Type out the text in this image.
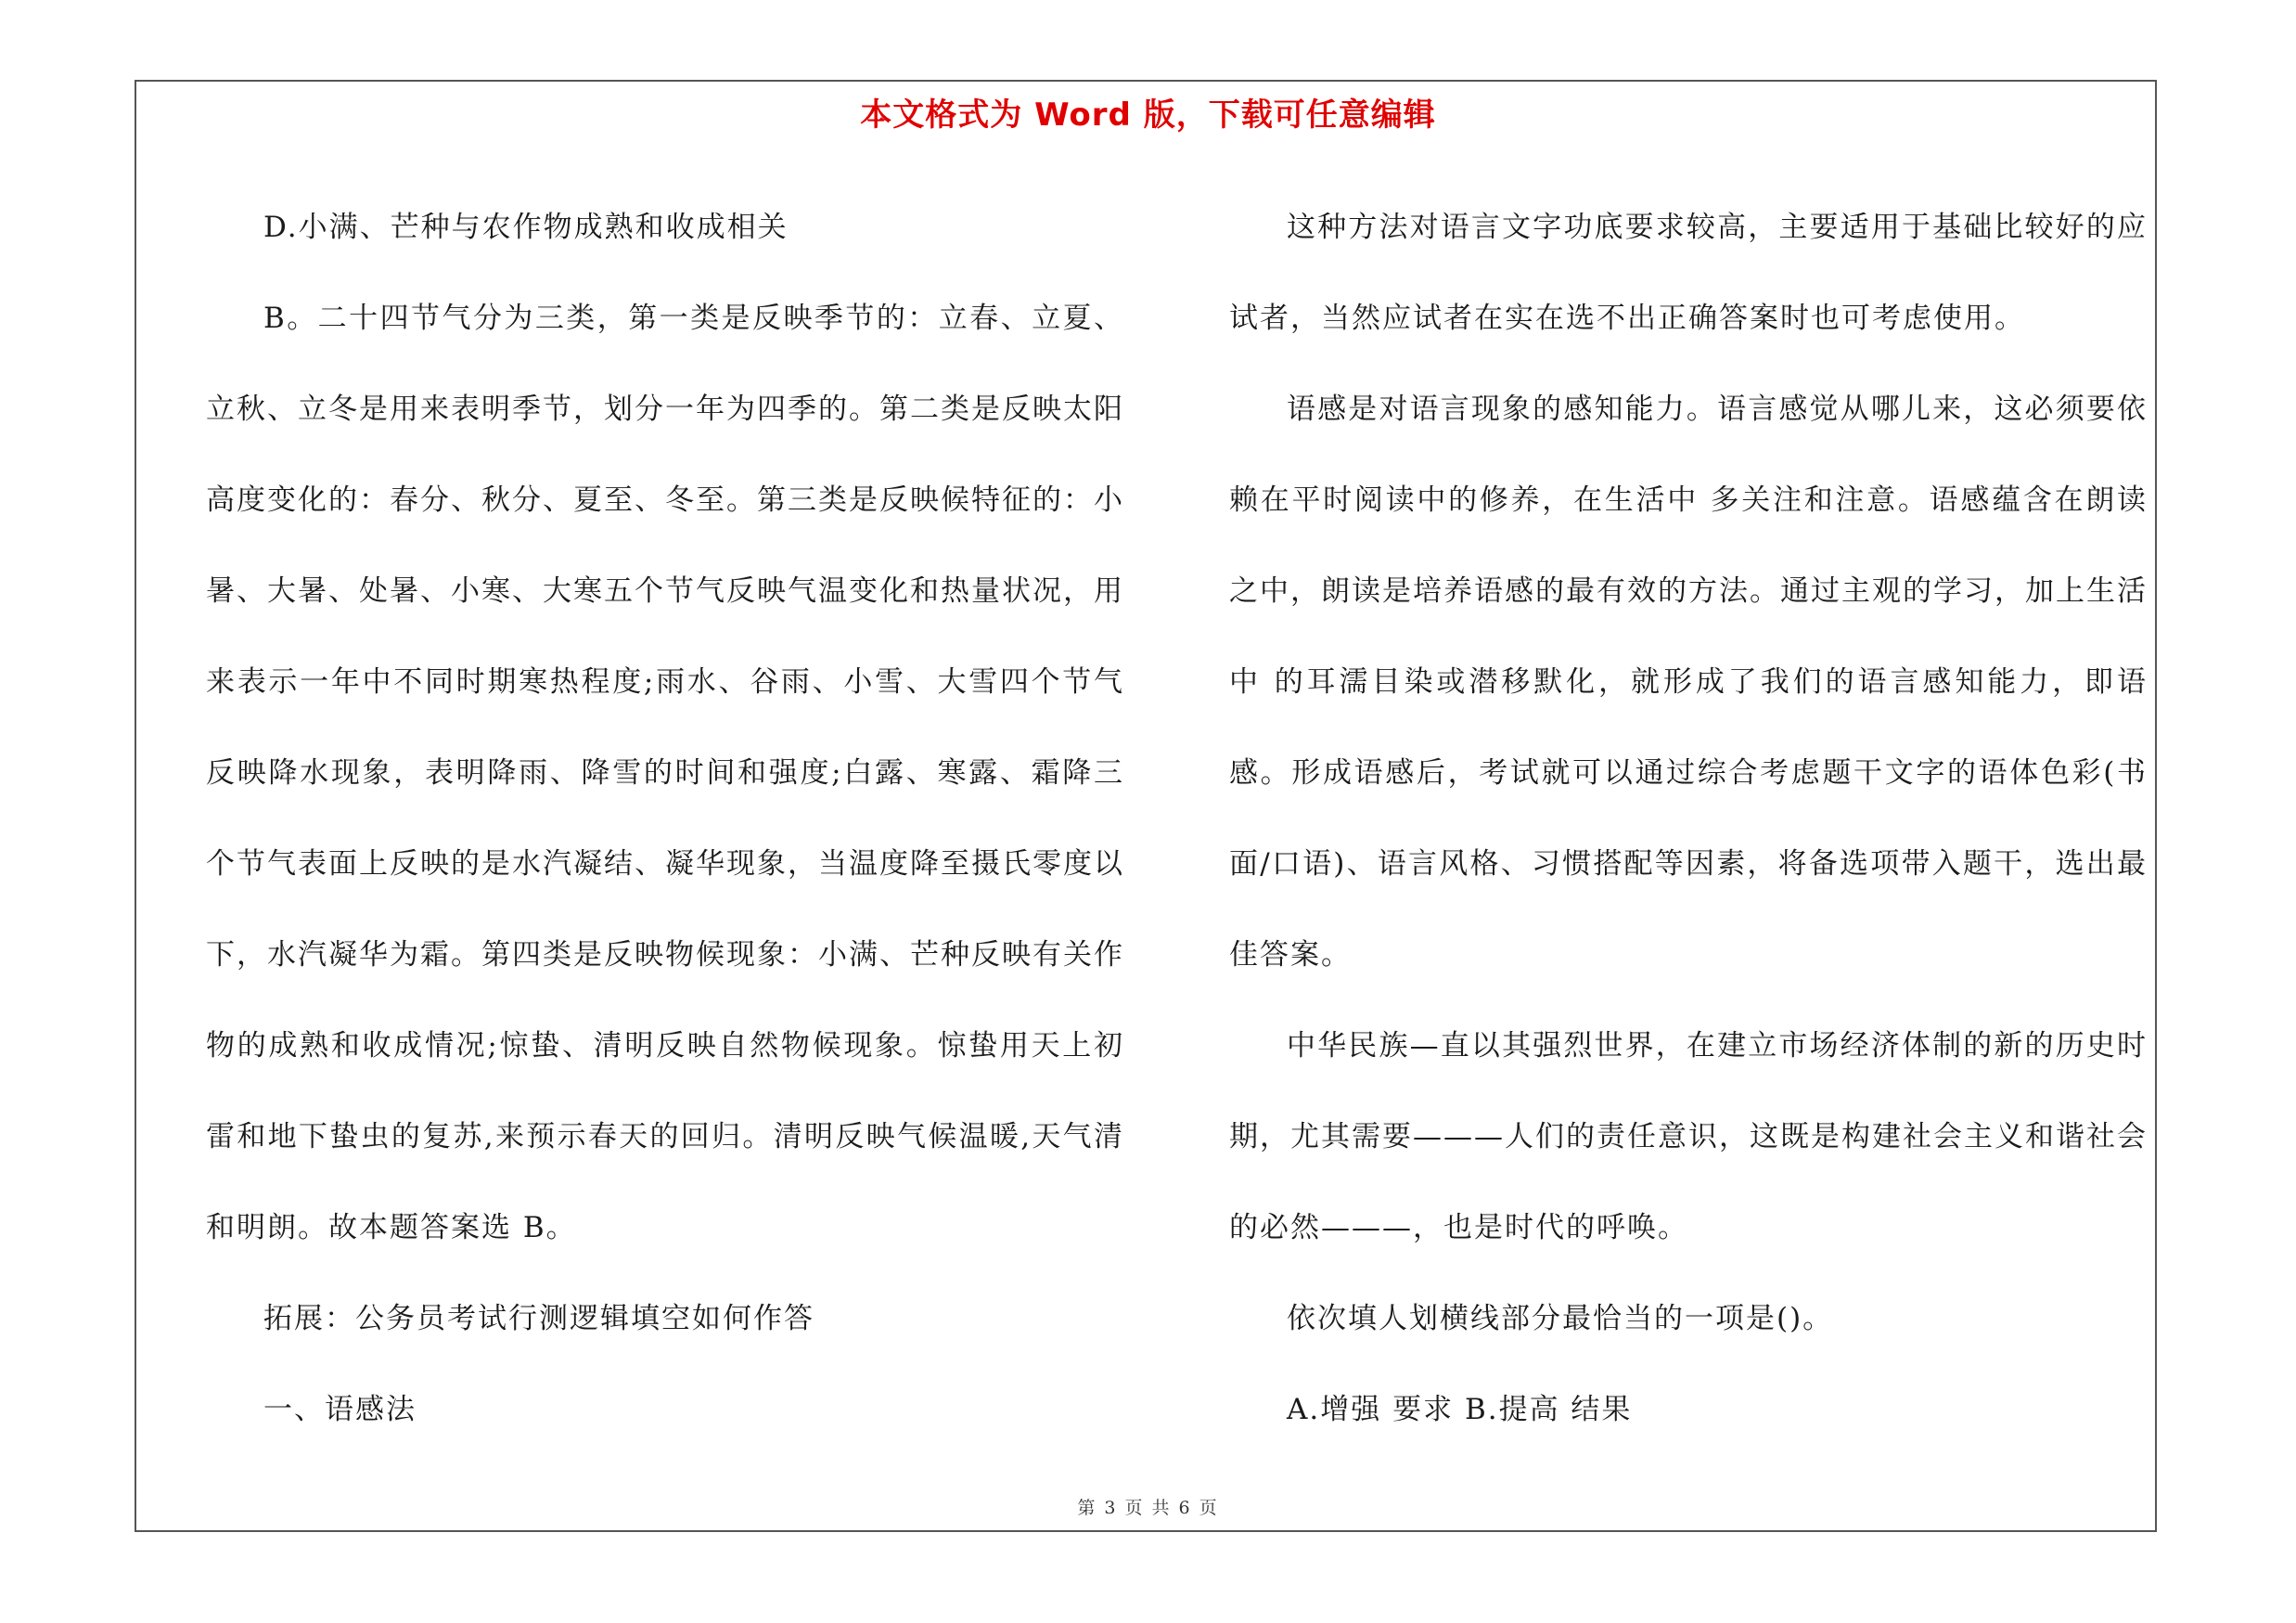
本文格式为 Word 版，下载可任意编辑

D.小满、芒种与农作物成熟和收成相关

B。二十四节气分为三类，第一类是反映季节的：立春、立夏、立秋、立冬是用来表明季节，划分一年为四季的。第二类是反映太阳高度变化的：春分、秋分、夏至、冬至。第三类是反映候特征的：小暑、大暑、处暑、小寒、大寒五个节气反映气温变化和热量状况，用来表示一年中不同时期寒热程度;雨水、谷雨、小雪、大雪四个节气反映降水现象，表明降雨、降雪的时间和强度;白露、寒露、霜降三个节气表面上反映的是水汽凝结、凝华现象，当温度降至摄氏零度以下，水汽凝华为霜。第四类是反映物候现象：小满、芒种反映有关作物的成熟和收成情况;惊蛰、清明反映自然物候现象。惊蛰用天上初雷和地下蛰虫的复苏,来预示春天的回归。清明反映气候温暖,天气清和明朗。故本题答案选 B。

拓展：公务员考试行测逻辑填空如何作答

一、语感法

这种方法对语言文字功底要求较高，主要适用于基础比较好的应试者，当然应试者在实在选不出正确答案时也可考虑使用。

语感是对语言现象的感知能力。语言感觉从哪儿来，这必须要依赖在平时阅读中的修养，在生活中 多关注和注意。语感蕴含在朗读之中，朗读是培养语感的最有效的方法。通过主观的学习，加上生活中 的耳濡目染或潜移默化，就形成了我们的语言感知能力，即语感。形成语感后，考试就可以通过综合考虑题干文字的语体色彩(书面/口语)、语言风格、习惯搭配等因素，将备选项带入题干，选出最佳答案。

中华民族—直以其强烈世界，在建立市场经济体制的新的历史时期，尤其需要———人们的责任意识，这既是构建社会主义和谐社会的必然———，也是时代的呼唤。

依次填人划横线部分最恰当的一项是()。

A.增强 要求 B.提高 结果

第 3 页 共 6 页
